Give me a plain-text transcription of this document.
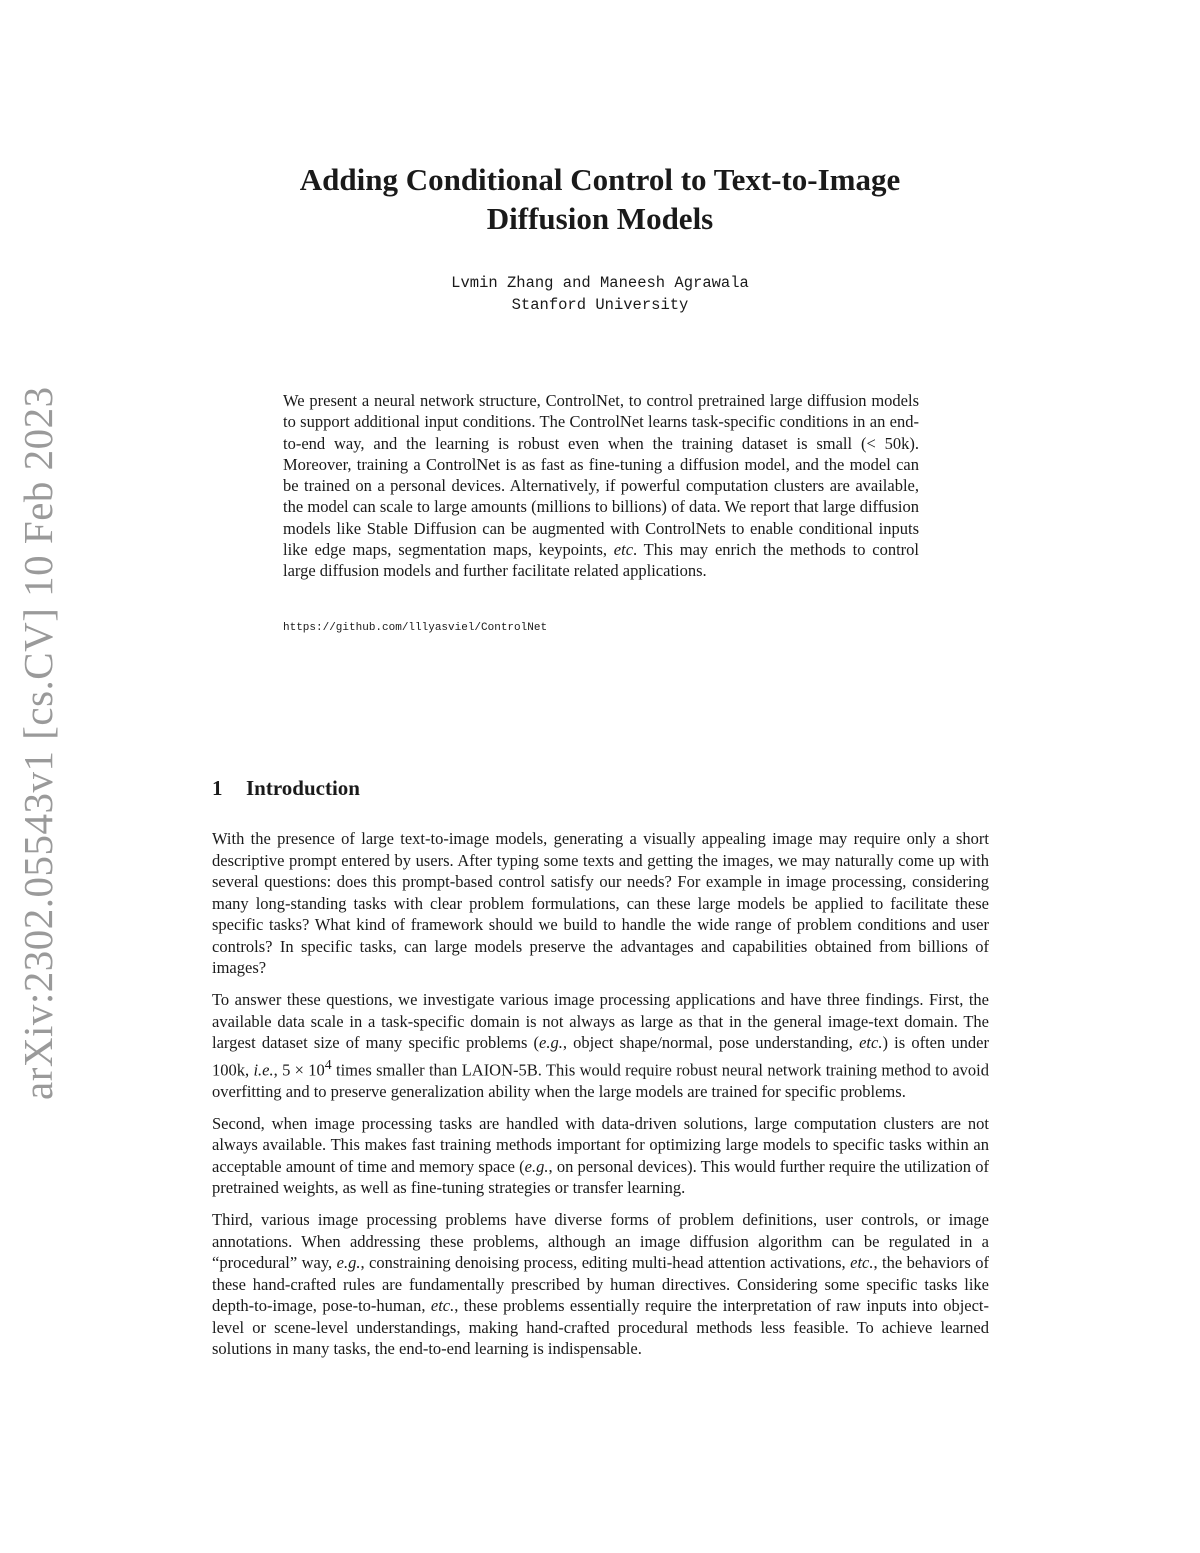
arXiv:2302.05543v1 [cs.CV] 10 Feb 2023
Adding Conditional Control to Text-to-Image
Diffusion Models
Lvmin Zhang and Maneesh Agrawala
Stanford University
We present a neural network structure, ControlNet, to control pretrained large diffusion models to support additional input conditions. The ControlNet learns task-specific conditions in an end-to-end way, and the learning is robust even when the training dataset is small (< 50k). Moreover, training a ControlNet is as fast as fine-tuning a diffusion model, and the model can be trained on a personal devices. Alternatively, if powerful computation clusters are available, the model can scale to large amounts (millions to billions) of data. We report that large diffusion models like Stable Diffusion can be augmented with ControlNets to enable conditional inputs like edge maps, segmentation maps, keypoints, etc. This may enrich the methods to control large diffusion models and further facilitate related applications.
https://github.com/lllyasviel/ControlNet
1 Introduction

With the presence of large text-to-image models, generating a visually appealing image may require only a short descriptive prompt entered by users. After typing some texts and getting the images, we may naturally come up with several questions: does this prompt-based control satisfy our needs? For example in image processing, considering many long-standing tasks with clear problem formulations, can these large models be applied to facilitate these specific tasks? What kind of framework should we build to handle the wide range of problem conditions and user controls? In specific tasks, can large models preserve the advantages and capabilities obtained from billions of images?

To answer these questions, we investigate various image processing applications and have three findings. First, the available data scale in a task-specific domain is not always as large as that in the general image-text domain. The largest dataset size of many specific problems (e.g., object shape/normal, pose understanding, etc.) is often under 100k, i.e., $5 \times 10^4$ times smaller than LAION-5B. This would require robust neural network training method to avoid overfitting and to preserve generalization ability when the large models are trained for specific problems.

Second, when image processing tasks are handled with data-driven solutions, large computation clusters are not always available. This makes fast training methods important for optimizing large models to specific tasks within an acceptable amount of time and memory space (e.g., on personal devices). This would further require the utilization of pretrained weights, as well as fine-tuning strategies or transfer learning.

Third, various image processing problems have diverse forms of problem definitions, user controls, or image annotations. When addressing these problems, although an image diffusion algorithm can be regulated in a “procedural” way, e.g., constraining denoising process, editing multi-head attention activations, etc., the behaviors of these hand-crafted rules are fundamentally prescribed by human directives. Considering some specific tasks like depth-to-image, pose-to-human, etc., these problems essentially require the interpretation of raw inputs into object-level or scene-level understandings, making hand-crafted procedural methods less feasible. To achieve learned solutions in many tasks, the end-to-end learning is indispensable.
